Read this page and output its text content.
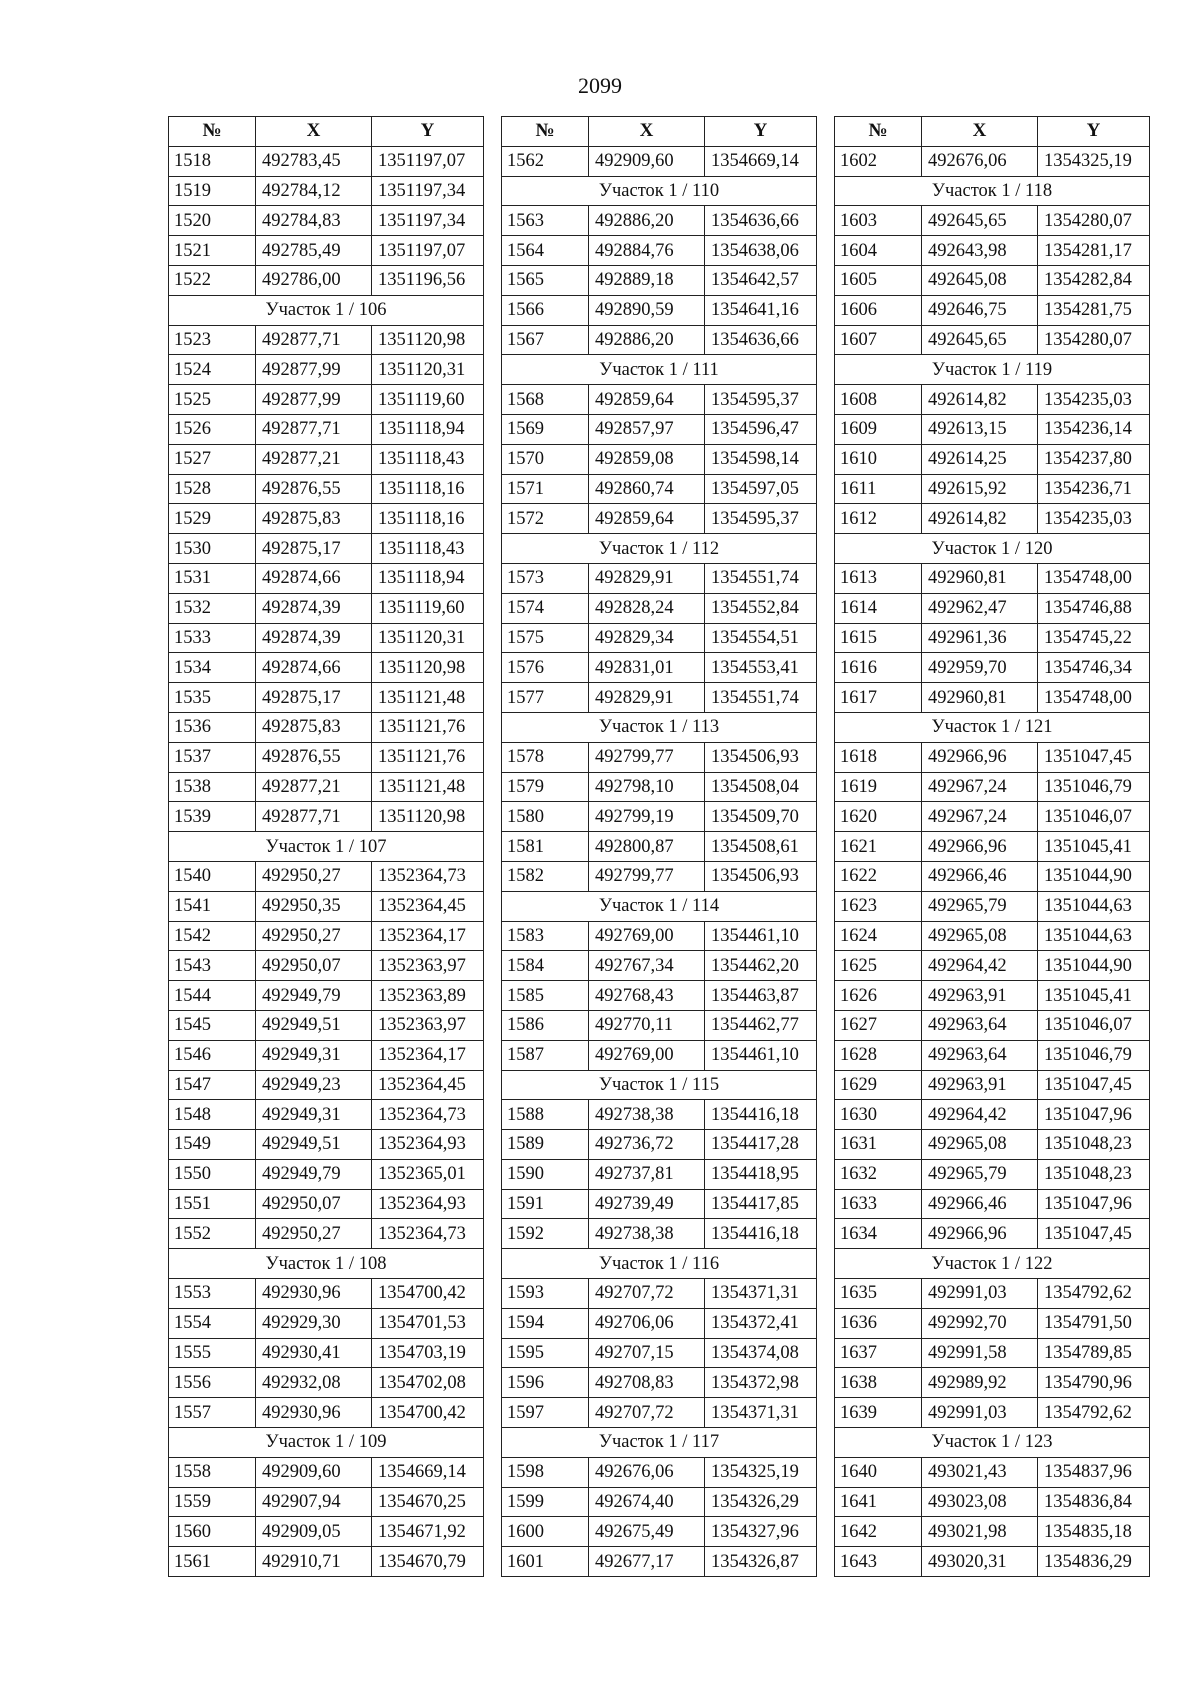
2099
№	X	Y
1518	492783,45	1351197,07
1519	492784,12	1351197,34
1520	492784,83	1351197,34
1521	492785,49	1351197,07
1522	492786,00	1351196,56
Участок 1 / 106		
1523	492877,71	1351120,98
1524	492877,99	1351120,31
1525	492877,99	1351119,60
1526	492877,71	1351118,94
1527	492877,21	1351118,43
1528	492876,55	1351118,16
1529	492875,83	1351118,16
1530	492875,17	1351118,43
1531	492874,66	1351118,94
1532	492874,39	1351119,60
1533	492874,39	1351120,31
1534	492874,66	1351120,98
1535	492875,17	1351121,48
1536	492875,83	1351121,76
1537	492876,55	1351121,76
1538	492877,21	1351121,48
1539	492877,71	1351120,98
Участок 1 / 107		
1540	492950,27	1352364,73
1541	492950,35	1352364,45
1542	492950,27	1352364,17
1543	492950,07	1352363,97
1544	492949,79	1352363,89
1545	492949,51	1352363,97
1546	492949,31	1352364,17
1547	492949,23	1352364,45
1548	492949,31	1352364,73
1549	492949,51	1352364,93
1550	492949,79	1352365,01
1551	492950,07	1352364,93
1552	492950,27	1352364,73
Участок 1 / 108		
1553	492930,96	1354700,42
1554	492929,30	1354701,53
1555	492930,41	1354703,19
1556	492932,08	1354702,08
1557	492930,96	1354700,42
Участок 1 / 109		
1558	492909,60	1354669,14
1559	492907,94	1354670,25
1560	492909,05	1354671,92
1561	492910,71	1354670,79
№	X	Y
1562	492909,60	1354669,14
Участок 1 / 110		
1563	492886,20	1354636,66
1564	492884,76	1354638,06
1565	492889,18	1354642,57
1566	492890,59	1354641,16
1567	492886,20	1354636,66
Участок 1 / 111		
1568	492859,64	1354595,37
1569	492857,97	1354596,47
1570	492859,08	1354598,14
1571	492860,74	1354597,05
1572	492859,64	1354595,37
Участок 1 / 112		
1573	492829,91	1354551,74
1574	492828,24	1354552,84
1575	492829,34	1354554,51
1576	492831,01	1354553,41
1577	492829,91	1354551,74
Участок 1 / 113		
1578	492799,77	1354506,93
1579	492798,10	1354508,04
1580	492799,19	1354509,70
1581	492800,87	1354508,61
1582	492799,77	1354506,93
Участок 1 / 114		
1583	492769,00	1354461,10
1584	492767,34	1354462,20
1585	492768,43	1354463,87
1586	492770,11	1354462,77
1587	492769,00	1354461,10
Участок 1 / 115		
1588	492738,38	1354416,18
1589	492736,72	1354417,28
1590	492737,81	1354418,95
1591	492739,49	1354417,85
1592	492738,38	1354416,18
Участок 1 / 116		
1593	492707,72	1354371,31
1594	492706,06	1354372,41
1595	492707,15	1354374,08
1596	492708,83	1354372,98
1597	492707,72	1354371,31
Участок 1 / 117		
1598	492676,06	1354325,19
1599	492674,40	1354326,29
1600	492675,49	1354327,96
1601	492677,17	1354326,87
№	X	Y
1602	492676,06	1354325,19
Участок 1 / 118		
1603	492645,65	1354280,07
1604	492643,98	1354281,17
1605	492645,08	1354282,84
1606	492646,75	1354281,75
1607	492645,65	1354280,07
Участок 1 / 119		
1608	492614,82	1354235,03
1609	492613,15	1354236,14
1610	492614,25	1354237,80
1611	492615,92	1354236,71
1612	492614,82	1354235,03
Участок 1 / 120		
1613	492960,81	1354748,00
1614	492962,47	1354746,88
1615	492961,36	1354745,22
1616	492959,70	1354746,34
1617	492960,81	1354748,00
Участок 1 / 121		
1618	492966,96	1351047,45
1619	492967,24	1351046,79
1620	492967,24	1351046,07
1621	492966,96	1351045,41
1622	492966,46	1351044,90
1623	492965,79	1351044,63
1624	492965,08	1351044,63
1625	492964,42	1351044,90
1626	492963,91	1351045,41
1627	492963,64	1351046,07
1628	492963,64	1351046,79
1629	492963,91	1351047,45
1630	492964,42	1351047,96
1631	492965,08	1351048,23
1632	492965,79	1351048,23
1633	492966,46	1351047,96
1634	492966,96	1351047,45
Участок 1 / 122		
1635	492991,03	1354792,62
1636	492992,70	1354791,50
1637	492991,58	1354789,85
1638	492989,92	1354790,96
1639	492991,03	1354792,62
Участок 1 / 123		
1640	493021,43	1354837,96
1641	493023,08	1354836,84
1642	493021,98	1354835,18
1643	493020,31	1354836,29
